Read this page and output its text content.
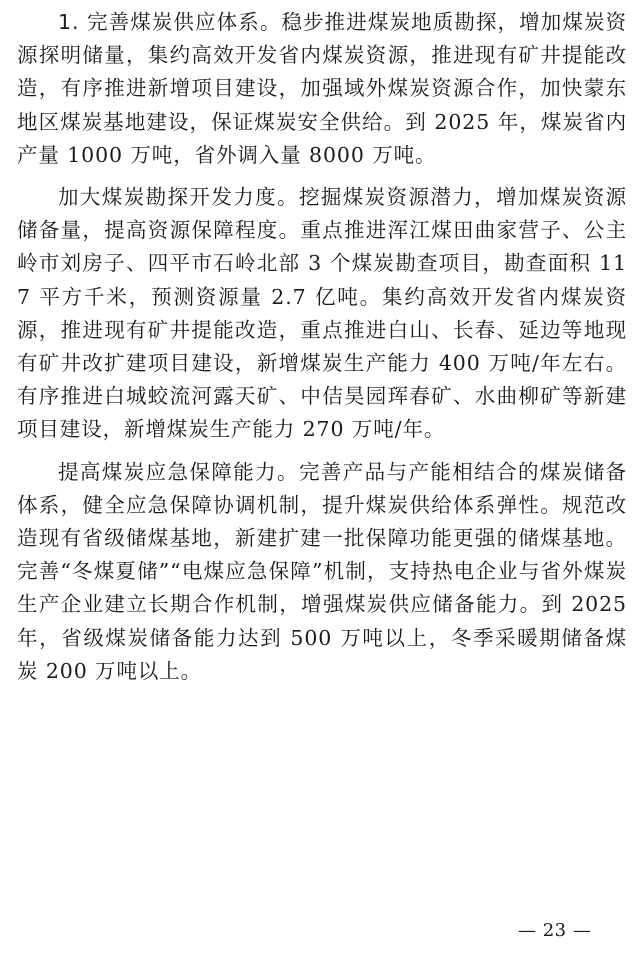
1. 完善煤炭供应体系。稳步推进煤炭地质勘探，增加煤炭资源探明储量，集约高效开发省内煤炭资源，推进现有矿井提能改造，有序推进新增项目建设，加强域外煤炭资源合作，加快蒙东地区煤炭基地建设，保证煤炭安全供给。到 2025 年，煤炭省内产量 1000 万吨，省外调入量 8000 万吨。

加大煤炭勘探开发力度。挖掘煤炭资源潜力，增加煤炭资源储备量，提高资源保障程度。重点推进浑江煤田曲家营子、公主岭市刘房子、四平市石岭北部 3 个煤炭勘查项目，勘查面积 117 平方千米，预测资源量 2.7 亿吨。集约高效开发省内煤炭资源，推进现有矿井提能改造，重点推进白山、长春、延边等地现有矿井改扩建项目建设，新增煤炭生产能力 400 万吨/年左右。有序推进白城蛟流河露天矿、中佶昊园珲春矿、水曲柳矿等新建项目建设，新增煤炭生产能力 270 万吨/年。

提高煤炭应急保障能力。完善产品与产能相结合的煤炭储备体系，健全应急保障协调机制，提升煤炭供给体系弹性。规范改造现有省级储煤基地，新建扩建一批保障功能更强的储煤基地。完善“冬煤夏储”“电煤应急保障”机制，支持热电企业与省外煤炭生产企业建立长期合作机制，增强煤炭供应储备能力。到 2025 年，省级煤炭储备能力达到 500 万吨以上，冬季采暖期储备煤炭 200 万吨以上。

— 23 —
